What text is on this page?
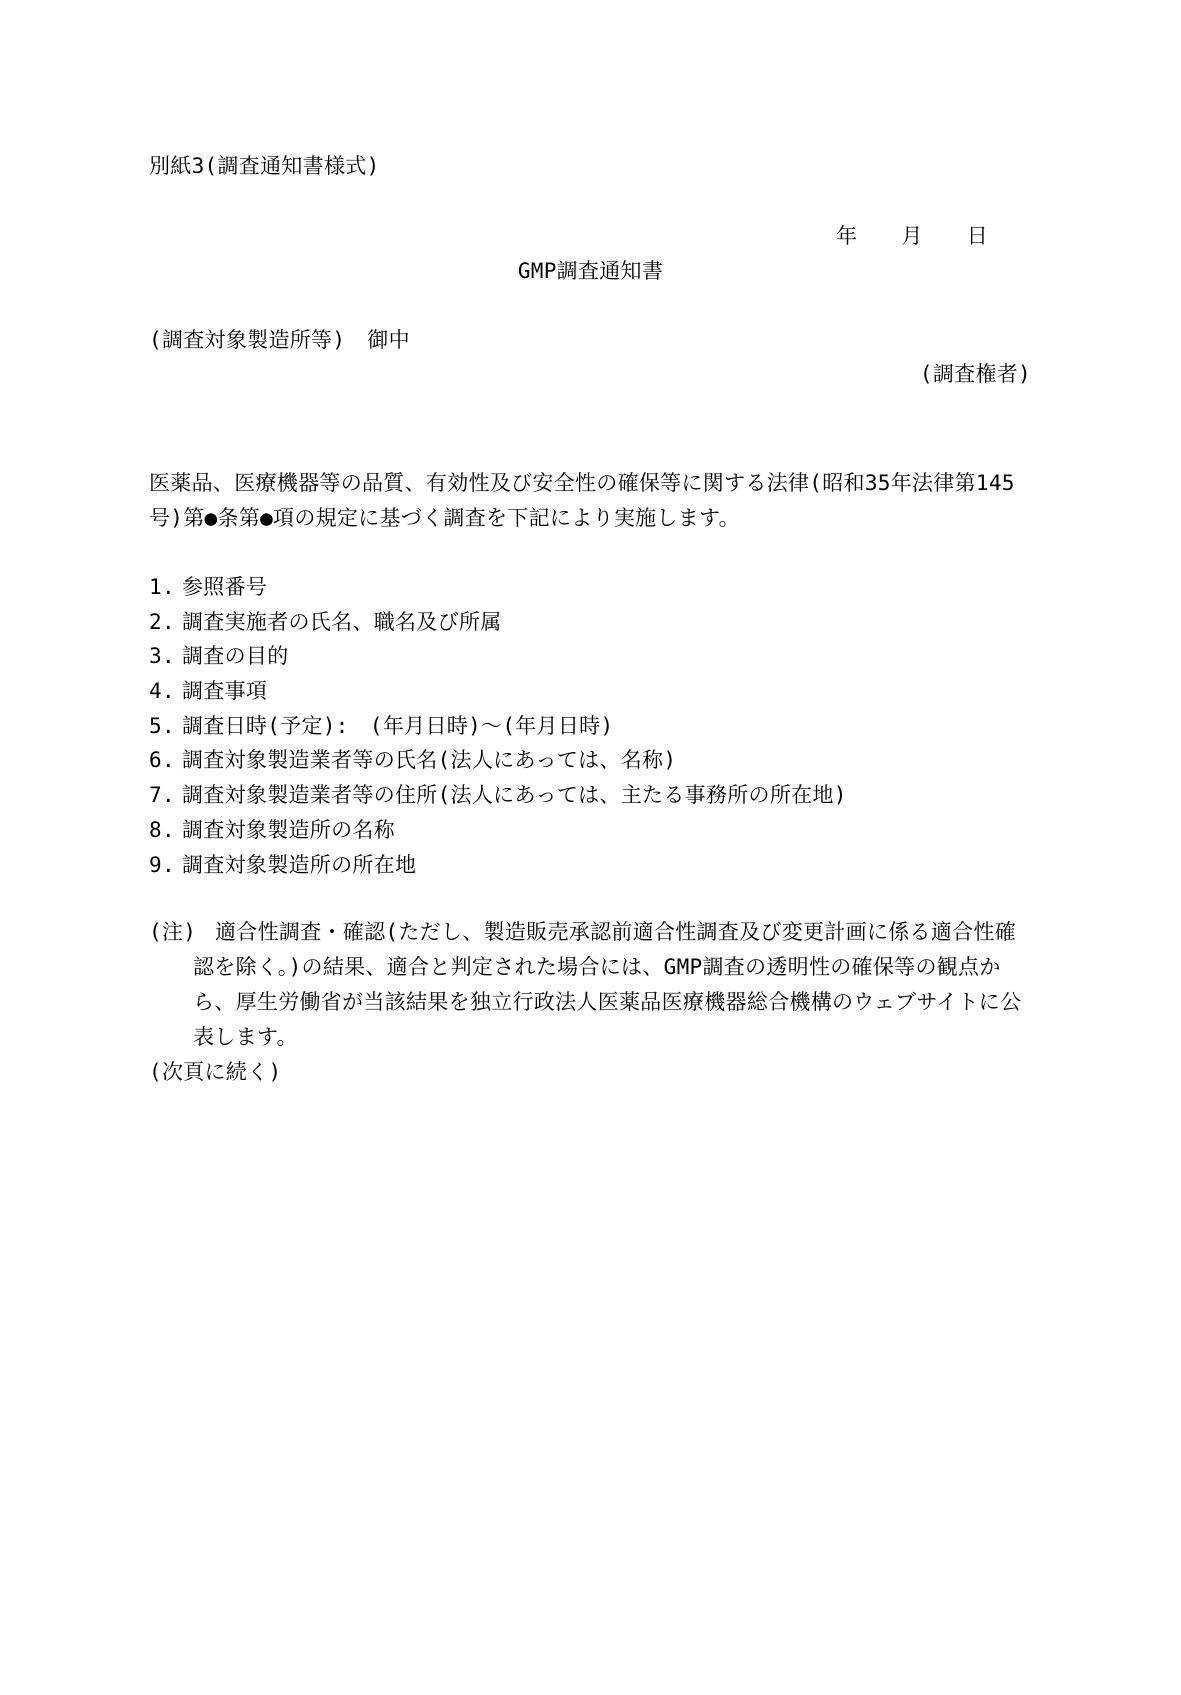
別紙3(調査通知書様式)
年 月 日
GMP調査通知書
(調査対象製造所等) 御中
(調査権者)
医薬品、医療機器等の品質、有効性及び安全性の確保等に関する法律(昭和35年法律第145号)第●条第●項の規定に基づく調査を下記により実施します。
1. 参照番号
2. 調査実施者の氏名、職名及び所属
3. 調査の目的
4. 調査事項
5. 調査日時(予定):　(年月日時)〜(年月日時)
6. 調査対象製造業者等の氏名(法人にあっては、名称)
7. 調査対象製造業者等の住所(法人にあっては、主たる事務所の所在地)
8. 調査対象製造所の名称
9. 調査対象製造所の所在地
(注) 適合性調査・確認(ただし、製造販売承認前適合性調査及び変更計画に係る適合性確認を除く。)の結果、適合と判定された場合には、GMP調査の透明性の確保等の観点から、厚生労働省が当該結果を独立行政法人医薬品医療機器総合機構のウェブサイトに公表します。
(次頁に続く)
